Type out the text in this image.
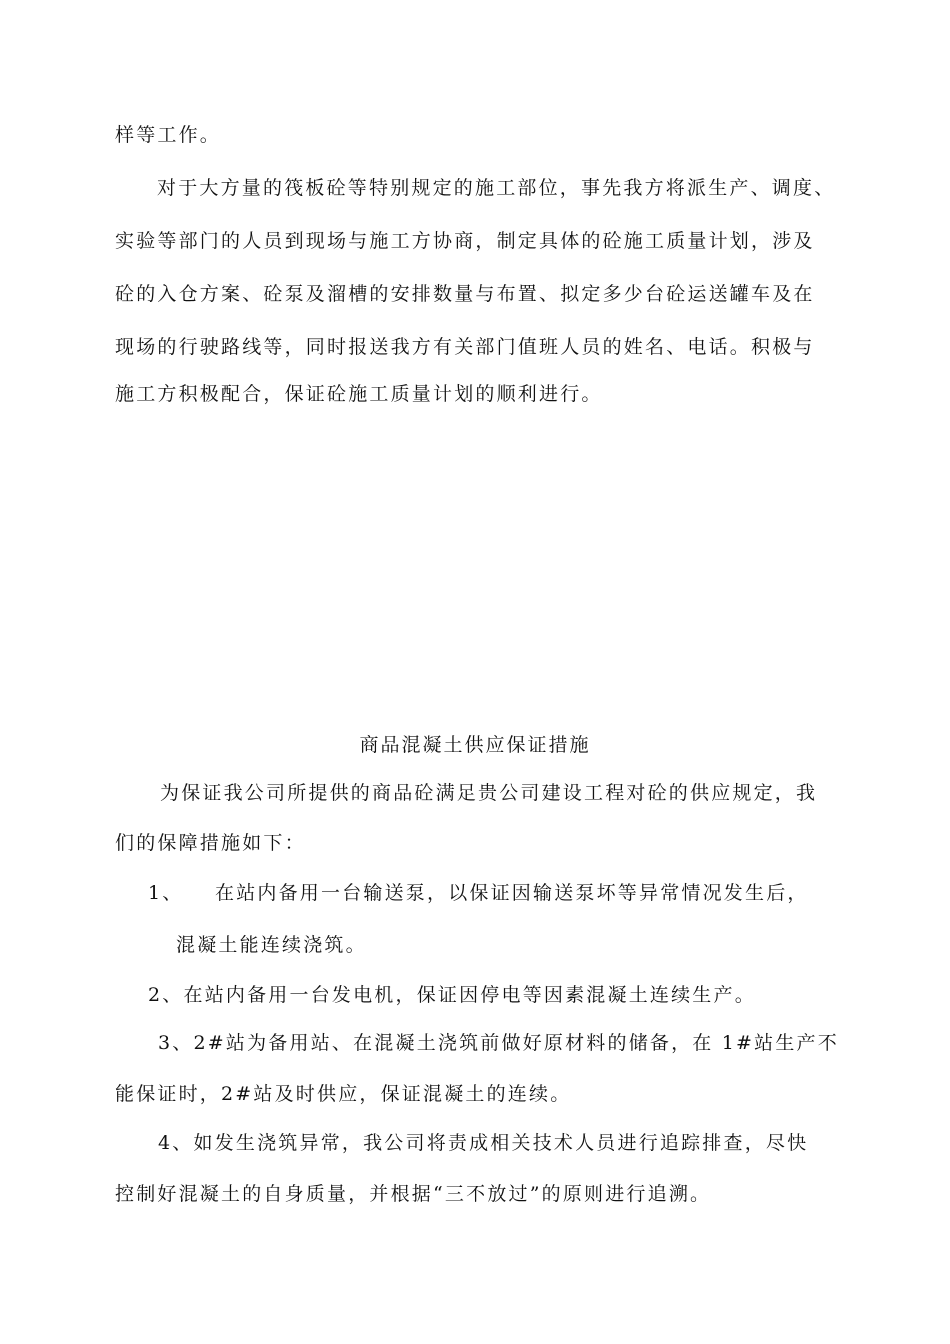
样等工作。
对于大方量的筏板砼等特别规定的施工部位，事先我方将派生产、调度、
实验等部门的人员到现场与施工方协商，制定具体的砼施工质量计划，涉及
砼的入仓方案、砼泵及溜槽的安排数量与布置、拟定多少台砼运送罐车及在
现场的行驶路线等，同时报送我方有关部门值班人员的姓名、电话。积极与
施工方积极配合，保证砼施工质量计划的顺利进行。
商品混凝土供应保证措施
为保证我公司所提供的商品砼满足贵公司建设工程对砼的供应规定，我
们的保障措施如下：
1、 在站内备用一台输送泵，以保证因输送泵坏等异常情况发生后，
混凝土能连续浇筑。
2、在站内备用一台发电机，保证因停电等因素混凝土连续生产。
3、2#站为备用站、在混凝土浇筑前做好原材料的储备，在 1#站生产不
能保证时，2#站及时供应，保证混凝土的连续。
4、如发生浇筑异常，我公司将责成相关技术人员进行追踪排查，尽快
控制好混凝土的自身质量，并根据“三不放过”的原则进行追溯。
